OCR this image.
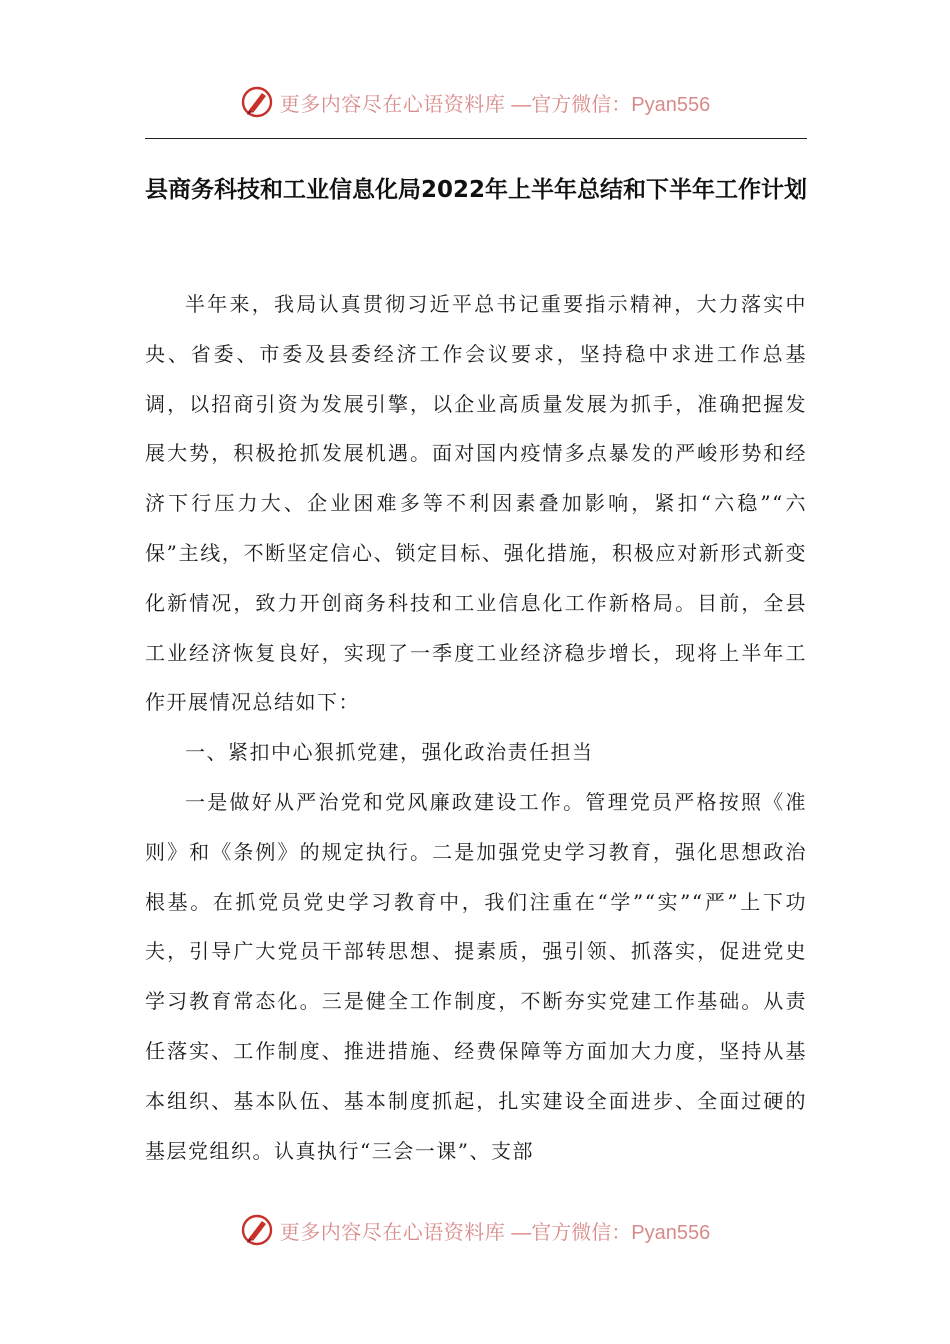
更多内容尽在心语资料库 —官方微信：Pyan556
县商务科技和工业信息化局2022年上半年总结和下半年工作计划

半年来，我局认真贯彻习近平总书记重要指示精神，大力落实中央、省委、市委及县委经济工作会议要求，坚持稳中求进工作总基调，以招商引资为发展引擎，以企业高质量发展为抓手，准确把握发展大势，积极抢抓发展机遇。面对国内疫情多点暴发的严峻形势和经济下行压力大、企业困难多等不利因素叠加影响，紧扣“六稳”“六保”主线，不断坚定信心、锁定目标、强化措施，积极应对新形式新变化新情况，致力开创商务科技和工业信息化工作新格局。目前，全县工业经济恢复良好，实现了一季度工业经济稳步增长，现将上半年工作开展情况总结如下：

一、紧扣中心狠抓党建，强化政治责任担当

一是做好从严治党和党风廉政建设工作。管理党员严格按照《准则》和《条例》的规定执行。二是加强党史学习教育，强化思想政治根基。在抓党员党史学习教育中，我们注重在“学”“实”“严”上下功夫，引导广大党员干部转思想、提素质，强引领、抓落实，促进党史学习教育常态化。三是健全工作制度，不断夯实党建工作基础。从责任落实、工作制度、推进措施、经费保障等方面加大力度，坚持从基本组织、基本队伍、基本制度抓起，扎实建设全面进步、全面过硬的基层党组织。认真执行“三会一课”、支部

更多内容尽在心语资料库 —官方微信：Pyan556
